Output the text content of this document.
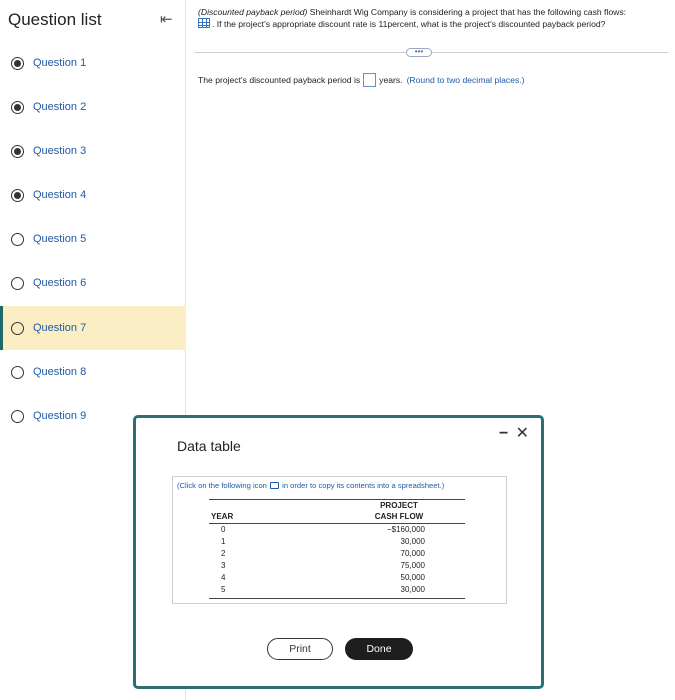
Question list	⇤
Question 1
Question 2
Question 3
Question 4
Question 5
Question 6
Question 7
Question 8
Question 9
(Discounted payback period) Sheinhardt Wig Company is considering a project that has the following cash flows:
. If the project's appropriate discount rate is 11percent, what is the project's discounted payback period?
•••
The project's discounted payback period is years. (Round to two decimal places.)
− ✕
Data table
(Click on the following icon in order to copy its contents into a spreadsheet.)
PROJECT
YEAR	CASH FLOW
0	−$160,000
1	30,000
2	70,000
3	75,000
4	50,000
5	30,000
Print	Done
